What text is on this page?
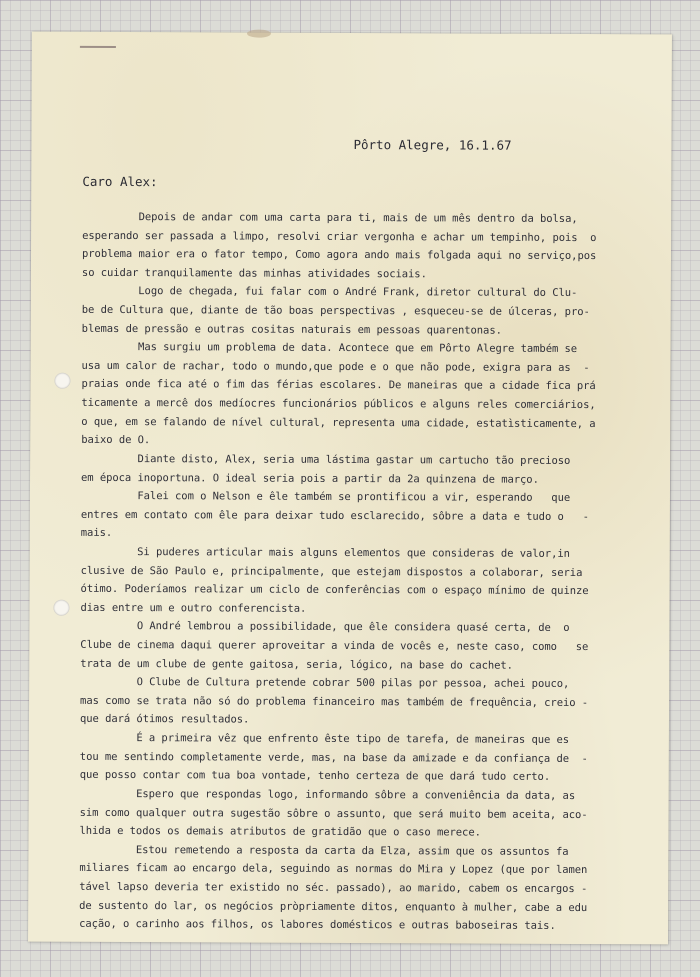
Pôrto Alegre, 16.1.67
Caro Alex:
Depois de andar com uma carta para ti, mais de um mês dentro da bolsa,
esperando ser passada a limpo, resolvi criar vergonha e achar um tempinho, pois  o
problema maior era o fator tempo, Como agora ando mais folgada aqui no serviço,pos
so cuidar tranquilamente das minhas atividades sociais.
Logo de chegada, fui falar com o André Frank, diretor cultural do Clu-
be de Cultura que, diante de tão boas perspectivas , esqueceu-se de úlceras, pro-
blemas de pressão e outras cositas naturais em pessoas quarentonas.
Mas surgiu um problema de data. Acontece que em Pôrto Alegre também se
usa um calor de rachar, todo o mundo,que pode e o que não pode, exigra para as  -
praias onde fica até o fim das férias escolares. De maneiras que a cidade fica prá
ticamente a mercê dos medíocres funcionários públicos e alguns reles comerciários,
o que, em se falando de nível cultural, representa uma cidade, estatìsticamente, a
baixo de O.
Diante disto, Alex, seria uma lástima gastar um cartucho tão precioso
em época inoportuna. O ideal seria pois a partir da 2a quinzena de março.
Falei com o Nelson e êle também se prontificou a vir, esperando   que
entres em contato com êle para deixar tudo esclarecido, sôbre a data e tudo o   -
mais.
Si puderes articular mais alguns elementos que consideras de valor,in
clusive de São Paulo e, principalmente, que estejam dispostos a colaborar, seria
ótimo. Poderíamos realizar um ciclo de conferências com o espaço mínimo de quinze
dias entre um e outro conferencista.
O André lembrou a possibilidade, que êle considera quasé certa, de  o
Clube de cinema daqui querer aproveitar a vinda de vocês e, neste caso, como   se
trata de um clube de gente gaitosa, seria, lógico, na base do cachet.
O Clube de Cultura pretende cobrar 500 pilas por pessoa, achei pouco,
mas como se trata não só do problema financeiro mas também de frequência, creio -
que dará ótimos resultados.
É a primeira vêz que enfrento êste tipo de tarefa, de maneiras que es
tou me sentindo completamente verde, mas, na base da amizade e da confiança de  -
que posso contar com tua boa vontade, tenho certeza de que dará tudo certo.
Espero que respondas logo, informando sôbre a conveniência da data, as
sim como qualquer outra sugestão sôbre o assunto, que será muito bem aceita, aco-
lhida e todos os demais atributos de gratidão que o caso merece.
Estou remetendo a resposta da carta da Elza, assim que os assuntos fa
miliares ficam ao encargo dela, seguindo as normas do Mira y Lopez (que por lamen
tável lapso deveria ter existido no séc. passado), ao marido, cabem os encargos -
de sustento do lar, os negócios pròpriamente ditos, enquanto à mulher, cabe a edu
cação, o carinho aos filhos, os labores domésticos e outras baboseiras tais.
